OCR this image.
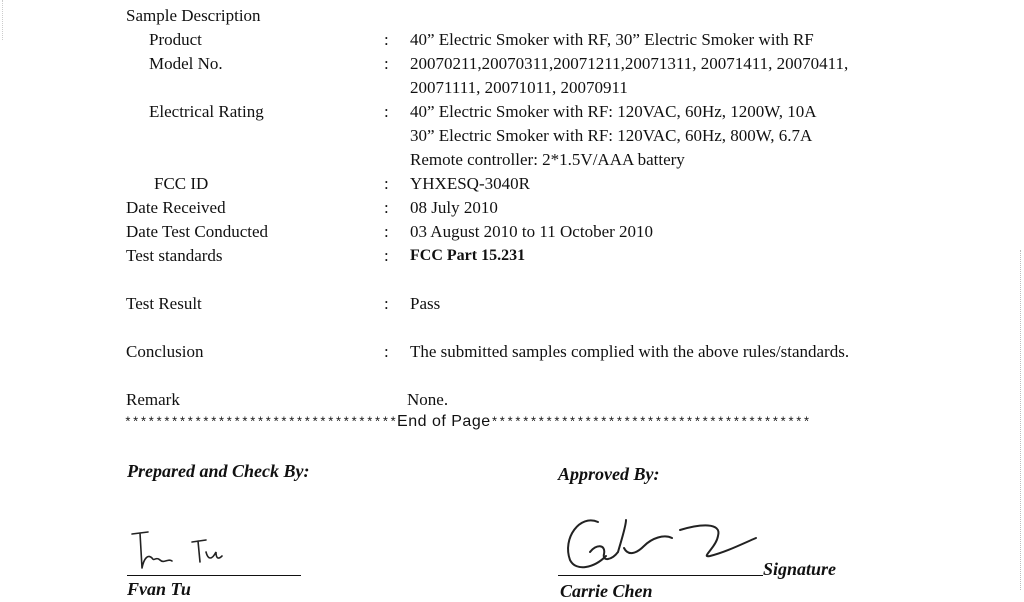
Sample Description
Product	: 40” Electric Smoker with RF, 30” Electric Smoker with RF
Model No.	: 20070211,20070311,20071211,20071311, 20071411, 20070411,
20071111, 20071011, 20070911
Electrical Rating	: 40” Electric Smoker with RF: 120VAC, 60Hz, 1200W, 10A
30” Electric Smoker with RF: 120VAC, 60Hz, 800W, 6.7A
Remote controller: 2*1.5V/AAA battery
FCC ID	: YHXESQ-3040R
Date Received	: 08 July 2010
Date Test Conducted	: 03 August 2010 to 11 October 2010
Test standards	: FCC Part 15.231
Test Result	: Pass
Conclusion	: The submitted samples complied with the above rules/standards.
Remark	None.
***********************************End of Page*****************************************
Prepared and Check By:
Fvan Tu
Approved By:
Signature
Carrie Chen
